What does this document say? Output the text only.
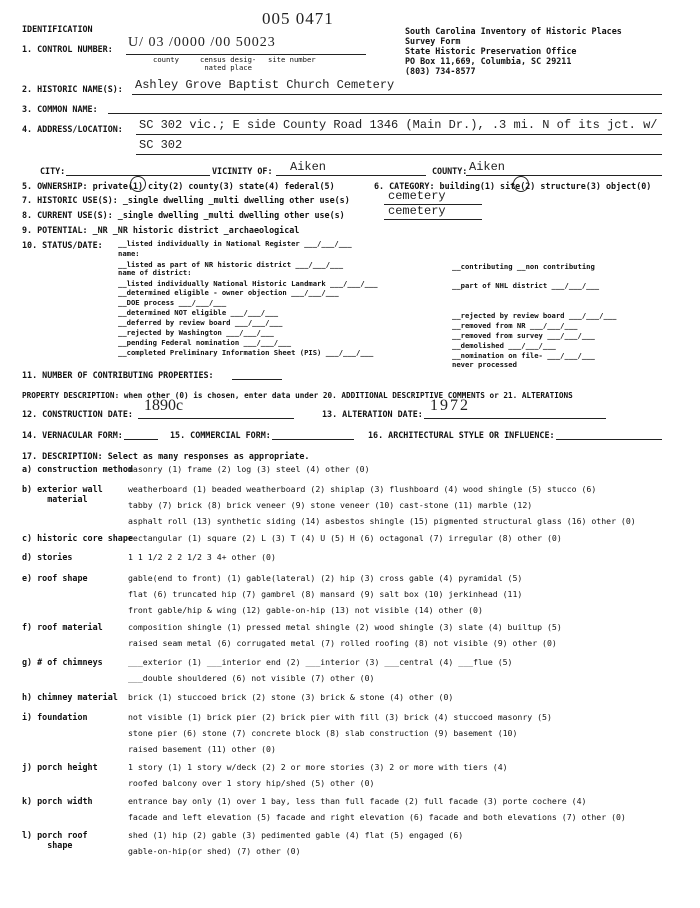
IDENTIFICATION
005 0471
South Carolina Inventory of Historic Places
Survey Form
State Historic Preservation Office
PO Box 11,669, Columbia, SC 29211
(803) 734-8577
1. CONTROL NUMBER: U/ 03 /0000 /00 50023
county	census desig-
nated place
site number
2. HISTORIC NAME(S): Ashley Grove Baptist Church Cemetery
3. COMMON NAME:
4. ADDRESS/LOCATION: SC 302 vic.; E side County Road 1346 (Main Dr.), .3 mi. N of its jct. w/
SC 302
CITY:	VICINITY OF: Aiken	COUNTY: Aiken
5. OWNERSHIP: private(1) city(2) county(3) state(4) federal(5)	6. CATEGORY: building(1) site(2) structure(3) object(0)
7. HISTORIC USE(S): _single dwelling _multi dwelling other use(s)	cemetery
8. CURRENT USE(S): _single dwelling _multi dwelling other use(s)	cemetery
9. POTENTIAL: _NR _NR historic district _archaeological
10. STATUS/DATE: __listed individually in National Register ___/___/___
name:
__listed as part of NR historic district ___/___/___
name of district:
__listed individually National Historic Landmark ___/___/___
__determined eligible - owner objection ___/___/___
__DOE process ___/___/___
__determined NOT eligible ___/___/___
__deferred by review board ___/___/___
__rejected by Washington ___/___/___
__pending Federal nomination ___/___/___
__completed Preliminary Information Sheet (PIS) ___/___/___
__contributing __non contributing
__part of NHL district ___/___/___
__rejected by review board ___/___/___
__removed from NR ___/___/___
__removed from survey ___/___/___
__demolished ___/___/___
__nomination on file- ___/___/___
never processed
11. NUMBER OF CONTRIBUTING PROPERTIES:
PROPERTY DESCRIPTION: when other (0) is chosen, enter data under 20. ADDITIONAL DESCRIPTIVE COMMENTS or 21. ALTERATIONS
12. CONSTRUCTION DATE: 1890c	13. ALTERATION DATE: 1972
14. VERNACULAR FORM:	15. COMMERCIAL FORM:	16. ARCHITECTURAL STYLE OR INFLUENCE:
17. DESCRIPTION: Select as many responses as appropriate.
a) construction method
masonry (1) frame (2) log (3) steel (4) other (0)
b) exterior wall
material
weatherboard (1) beaded weatherboard (2) shiplap (3) flushboard (4) wood shingle (5) stucco (6)
tabby (7) brick (8) brick veneer (9) stone veneer (10) cast-stone (11) marble (12)
asphalt roll (13) synthetic siding (14) asbestos shingle (15) pigmented structural glass (16) other (0)
c) historic core shape
rectangular (1) square (2) L (3) T (4) U (5) H (6) octagonal (7) irregular (8) other (0)
d) stories	1 1 1/2 2 2 1/2 3 4+ other (0)
e) roof shape	gable(end to front) (1) gable(lateral) (2) hip (3) cross gable (4) pyramidal (5)
flat (6) truncated hip (7) gambrel (8) mansard (9) salt box (10) jerkinhead (11)
front gable/hip & wing (12) gable-on-hip (13) not visible (14) other (0)
f) roof material	composition shingle (1) pressed metal shingle (2) wood shingle (3) slate (4) builtup (5)
raised seam metal (6) corrugated metal (7) rolled roofing (8) not visible (9) other (0)
g) # of chimneys	___exterior (1) ___interior end (2) ___interior (3) ___central (4) ___flue (5)
___double shouldered (6) not visible (7) other (0)
h) chimney material brick (1) stuccoed brick (2) stone (3) brick & stone (4) other (0)
i) foundation	not visible (1) brick pier (2) brick pier with fill (3) brick (4) stuccoed masonry (5)
stone pier (6) stone (7) concrete block (8) slab construction (9) basement (10)
raised basement (11) other (0)
j) porch height	1 story (1) 1 story w/deck (2) 2 or more stories (3) 2 or more with tiers (4)
roofed balcony over 1 story hip/shed (5) other (0)
k) porch width	entrance bay only (1) over 1 bay, less than full facade (2) full facade (3) porte cochere (4)
facade and left elevation (5) facade and right elevation (6) facade and both elevations (7) other (0)
l) porch roof
shape
shed (1) hip (2) gable (3) pedimented gable (4) flat (5) engaged (6)
gable-on-hip(or shed) (7) other (0)
